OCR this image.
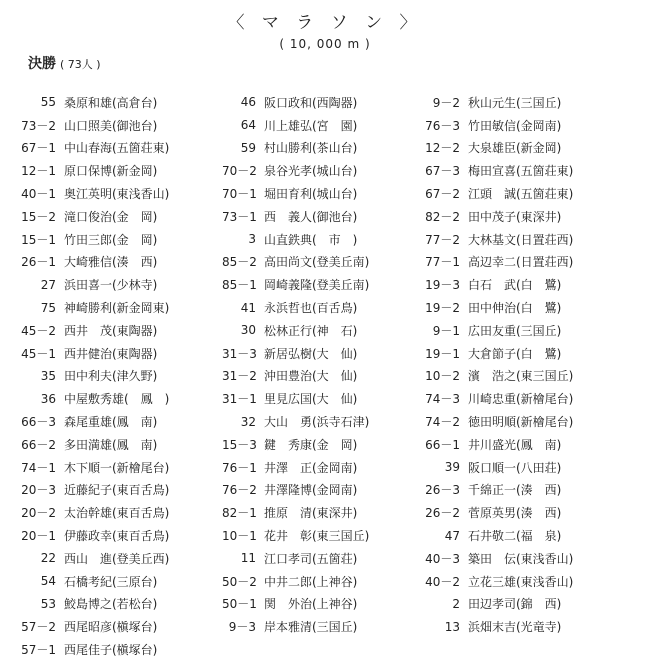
〈 マ ラ ソ ン 〉
( 10, 000 m )
決勝 ( 73人 )
55 桑原和雄(高倉台)
73－2 山口照美(御池台)
67－1 中山春海(五箇荘東)
12－1 原口保博(新金岡)
40－1 奥江英明(東浅香山)
15－2 滝口俊治(金　岡)
15－1 竹田三郎(金　岡)
26－1 大崎雅信(湊　西)
27 浜田喜一(少林寺)
75 神崎勝利(新金岡東)
45－2 西井　茂(東陶器)
45－1 西井健治(東陶器)
35 田中利夫(津久野)
36 中屋敷秀雄(　鳳　)
66－3 森尾重雄(鳳　南)
66－2 多田満雄(鳳　南)
74－1 木下順一(新檜尾台)
20－3 近藤紀子(東百舌鳥)
20－2 太治幹雄(東百舌鳥)
20－1 伊藤政幸(東百舌鳥)
22 西山　進(登美丘西)
54 石橋考紀(三原台)
53 鮫島博之(若松台)
57－2 西尾昭彦(槇塚台)
57－1 西尾佳子(槇塚台)
46 阪口政和(西陶器)
64 川上雄弘(宮　園)
59 村山勝利(茶山台)
70－2 泉谷光孝(城山台)
70－1 堀田育利(城山台)
73－1 西　義人(御池台)
3 山直鉄典(　市　)
85－2 高田尚文(登美丘南)
85－1 岡崎義隆(登美丘南)
41 永浜哲也(百舌鳥)
30 松林正行(神　石)
31－3 新居弘樹(大　仙)
31－2 沖田豊治(大　仙)
31－1 里見広国(大　仙)
32 大山　勇(浜寺石津)
15－3 鍵　秀康(金　岡)
76－1 井澤　正(金岡南)
76－2 井澤隆博(金岡南)
82－1 推原　清(東深井)
10－1 花井　彰(東三国丘)
11 江口孝司(五箇荘)
50－2 中井二郎(上神谷)
50－1 関　外治(上神谷)
9－3 岸本雅清(三国丘)
9－2 秋山元生(三国丘)
76－3 竹田敏信(金岡南)
12－2 大泉雄臣(新金岡)
67－3 梅田宣喜(五箇荘東)
67－2 江頭　誠(五箇荘東)
82－2 田中茂子(東深井)
77－2 大林基文(日置荘西)
77－1 高辺幸二(日置荘西)
19－3 白石　武(白　鷺)
19－2 田中伸治(白　鷺)
9－1 広田友重(三国丘)
19－1 大倉節子(白　鷺)
10－2 濱　浩之(東三国丘)
74－3 川崎忠重(新檜尾台)
74－2 徳田明順(新檜尾台)
66－1 井川盛光(鳳　南)
39 阪口順一(八田荘)
26－3 千綿正一(湊　西)
26－2 菅原英男(湊　西)
47 石井敬二(福　泉)
40－3 築田　伝(東浅香山)
40－2 立花三雄(東浅香山)
2 田辺孝司(錦　西)
13 浜畑末吉(光竜寺)
